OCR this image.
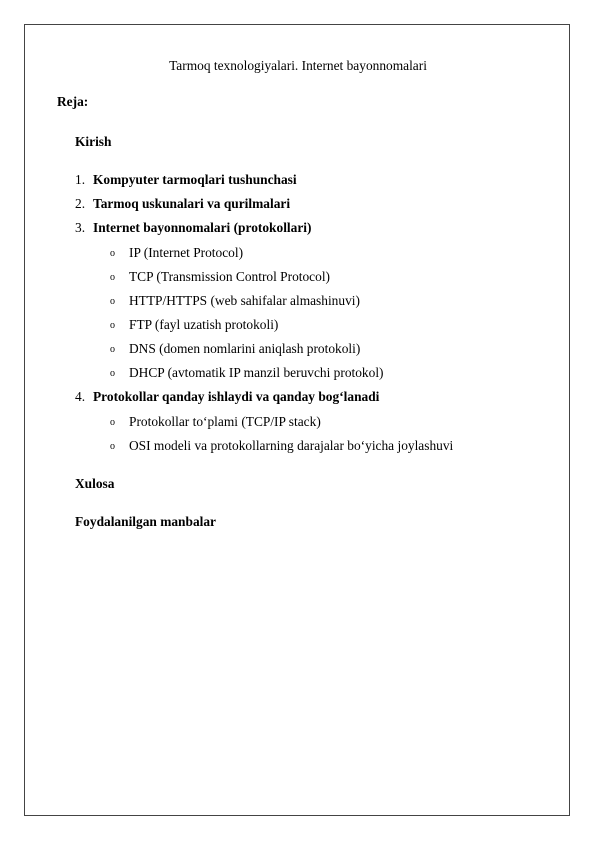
Tarmoq texnologiyalari. Internet bayonnomalari
Reja:
Kirish
1. Kompyuter tarmoqlari tushunchasi
2. Tarmoq uskunalari va qurilmalari
3. Internet bayonnomalari (protokollari)
o IP (Internet Protocol)
o TCP (Transmission Control Protocol)
o HTTP/HTTPS (web sahifalar almashinuvi)
o FTP (fayl uzatish protokoli)
o DNS (domen nomlarini aniqlash protokoli)
o DHCP (avtomatik IP manzil beruvchi protokol)
4. Protokollar qanday ishlaydi va qanday bog‘lanadi
o Protokollar to‘plami (TCP/IP stack)
o OSI modeli va protokollarning darajalar bo‘yicha joylashuvi
Xulosa
Foydalanilgan manbalar
